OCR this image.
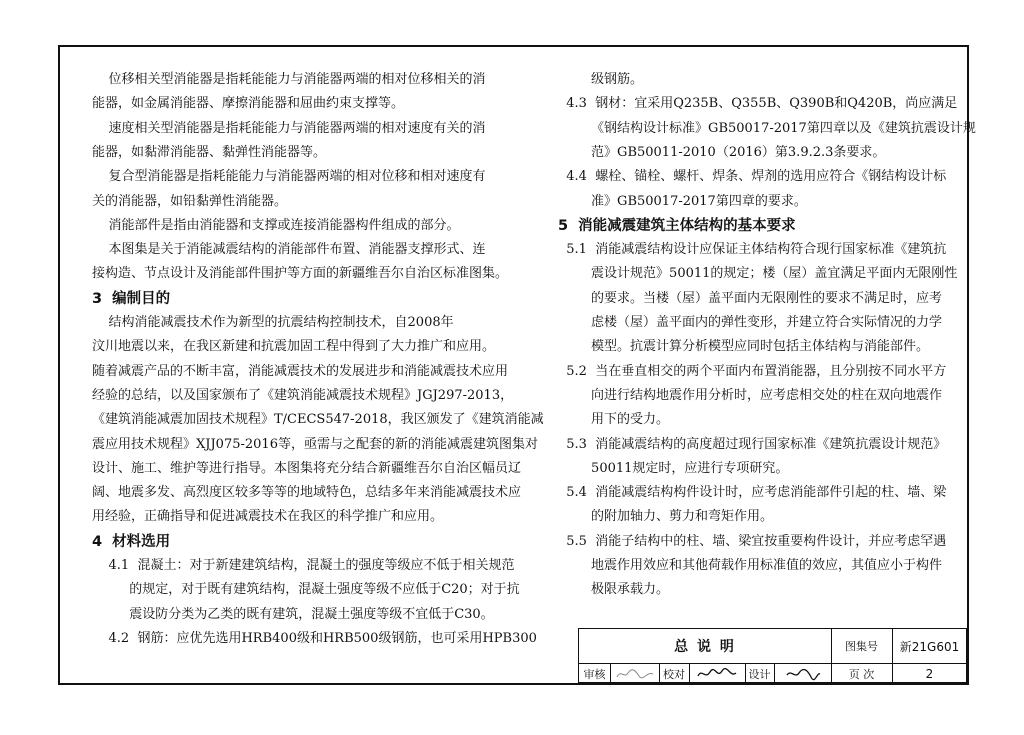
位移相关型消能器是指耗能能力与消能器两端的相对位移相关的消
能器，如金属消能器、摩擦消能器和屈曲约束支撑等。
速度相关型消能器是指耗能能力与消能器两端的相对速度有关的消
能器，如黏滞消能器、黏弹性消能器等。
复合型消能器是指耗能能力与消能器两端的相对位移和相对速度有
关的消能器，如铅黏弹性消能器。
消能部件是指由消能器和支撑或连接消能器构件组成的部分。
本图集是关于消能减震结构的消能部件布置、消能器支撑形式、连
接构造、节点设计及消能部件围护等方面的新疆维吾尔自治区标准图集。
3  编制目的
结构消能减震技术作为新型的抗震结构控制技术，自2008年
汶川地震以来，在我区新建和抗震加固工程中得到了大力推广和应用。
随着减震产品的不断丰富，消能减震技术的发展进步和消能减震技术应用
经验的总结，以及国家颁布了《建筑消能减震技术规程》JGJ297-2013，
《建筑消能减震加固技术规程》T/CECS547-2018，我区颁发了《建筑消能减
震应用技术规程》XJJ075-2016等，亟需与之配套的新的消能减震建筑图集对
设计、施工、维护等进行指导。本图集将充分结合新疆维吾尔自治区幅员辽
阔、地震多发、高烈度区较多等等的地域特色，总结多年来消能减震技术应
用经验，正确指导和促进减震技术在我区的科学推广和应用。
4  材料选用
4.1  混凝土：对于新建建筑结构，混凝土的强度等级应不低于相关规范
的规定，对于既有建筑结构，混凝土强度等级不应低于C20；对于抗
震设防分类为乙类的既有建筑，混凝土强度等级不宜低于C30。
4.2  钢筋：应优先选用HRB400级和HRB500级钢筋，也可采用HPB300
级钢筋。
4.3  钢材：宜采用Q235B、Q355B、Q390B和Q420B，尚应满足
《钢结构设计标准》GB50017-2017第四章以及《建筑抗震设计规
范》GB50011-2010（2016）第3.9.2.3条要求。
4.4  螺栓、锚栓、螺杆、焊条、焊剂的选用应符合《钢结构设计标
准》GB50017-2017第四章的要求。
5  消能减震建筑主体结构的基本要求
5.1  消能减震结构设计应保证主体结构符合现行国家标准《建筑抗
震设计规范》50011的规定；楼（屋）盖宜满足平面内无限刚性
的要求。当楼（屋）盖平面内无限刚性的要求不满足时，应考
虑楼（屋）盖平面内的弹性变形，并建立符合实际情况的力学
模型。抗震计算分析模型应同时包括主体结构与消能部件。
5.2  当在垂直相交的两个平面内布置消能器，且分别按不同水平方
向进行结构地震作用分析时，应考虑相交处的柱在双向地震作
用下的受力。
5.3  消能减震结构的高度超过现行国家标准《建筑抗震设计规范》
50011规定时，应进行专项研究。
5.4  消能减震结构构件设计时，应考虑消能部件引起的柱、墙、梁
的附加轴力、剪力和弯矩作用。
5.5  消能子结构中的柱、墙、梁宜按重要构件设计，并应考虑罕遇
地震作用效应和其他荷载作用标准值的效应，其值应小于构件
极限承载力。
总 说 明	图集号	新21G601
审核	校对	设计	页 次	2
